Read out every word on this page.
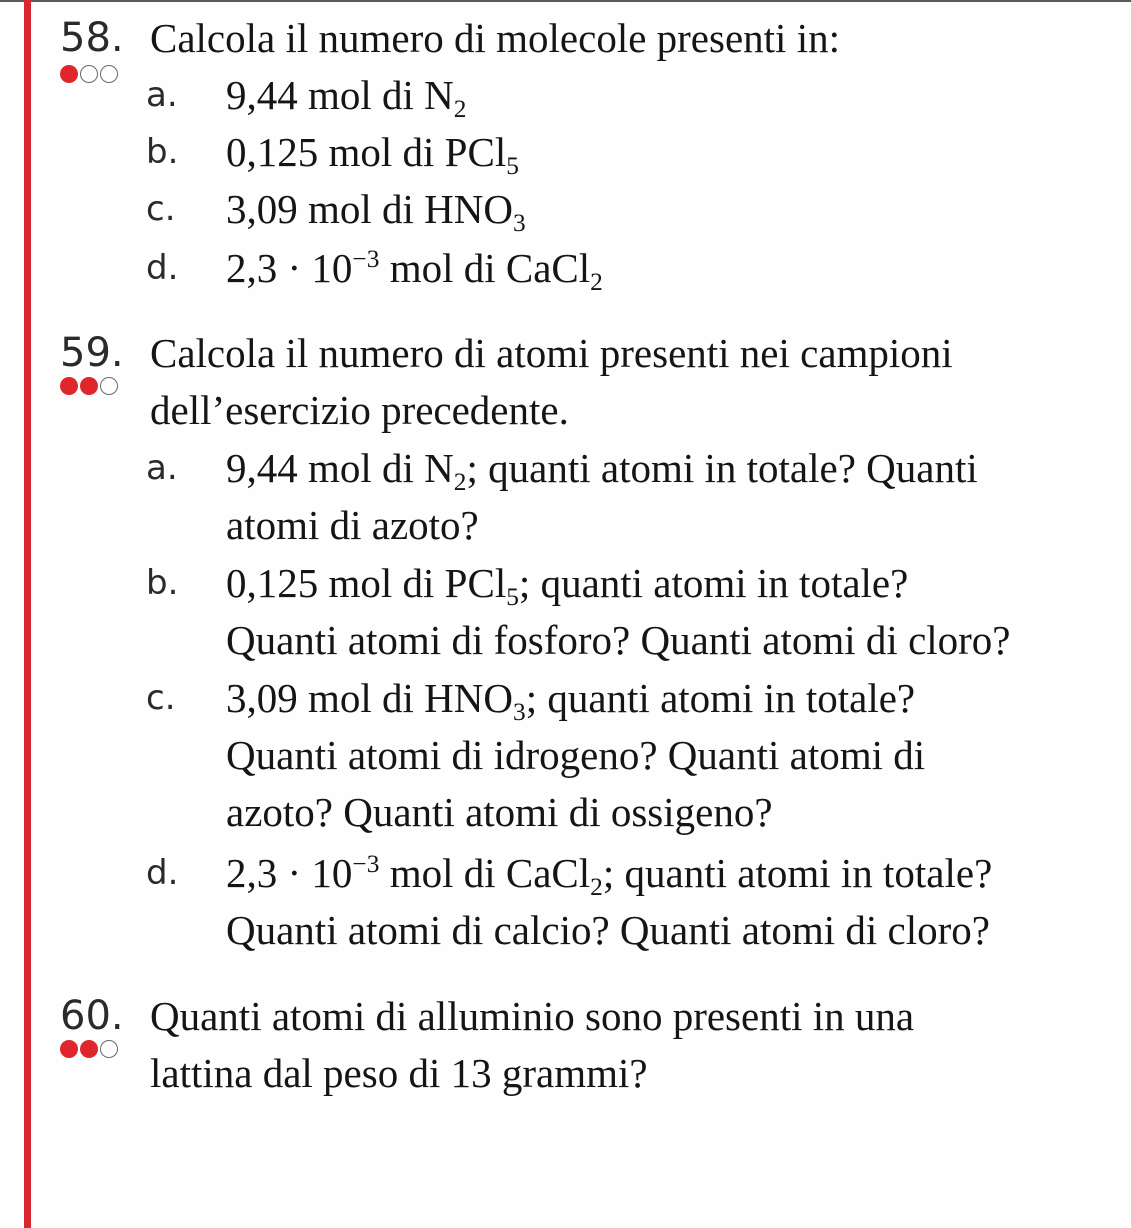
58. Calcola il numero di molecole presenti in:
a. 9,44 mol di N2
b. 0,125 mol di PCl5
c. 3,09 mol di HNO3
d. $2,3 \cdot 10^{-3}$ mol di CaCl2
59. Calcola il numero di atomi presenti nei campioni
dell’esercizio precedente.
a. 9,44 mol di N2; quanti atomi in totale? Quanti
atomi di azoto?
b. 0,125 mol di PCl5; quanti atomi in totale?
Quanti atomi di fosforo? Quanti atomi di cloro?
c. 3,09 mol di HNO3; quanti atomi in totale?
Quanti atomi di idrogeno? Quanti atomi di
azoto? Quanti atomi di ossigeno?
d. $2,3 \cdot 10^{-3}$ mol di CaCl2; quanti atomi in totale?
Quanti atomi di calcio? Quanti atomi di cloro?
60. Quanti atomi di alluminio sono presenti in una
lattina dal peso di 13 grammi?
